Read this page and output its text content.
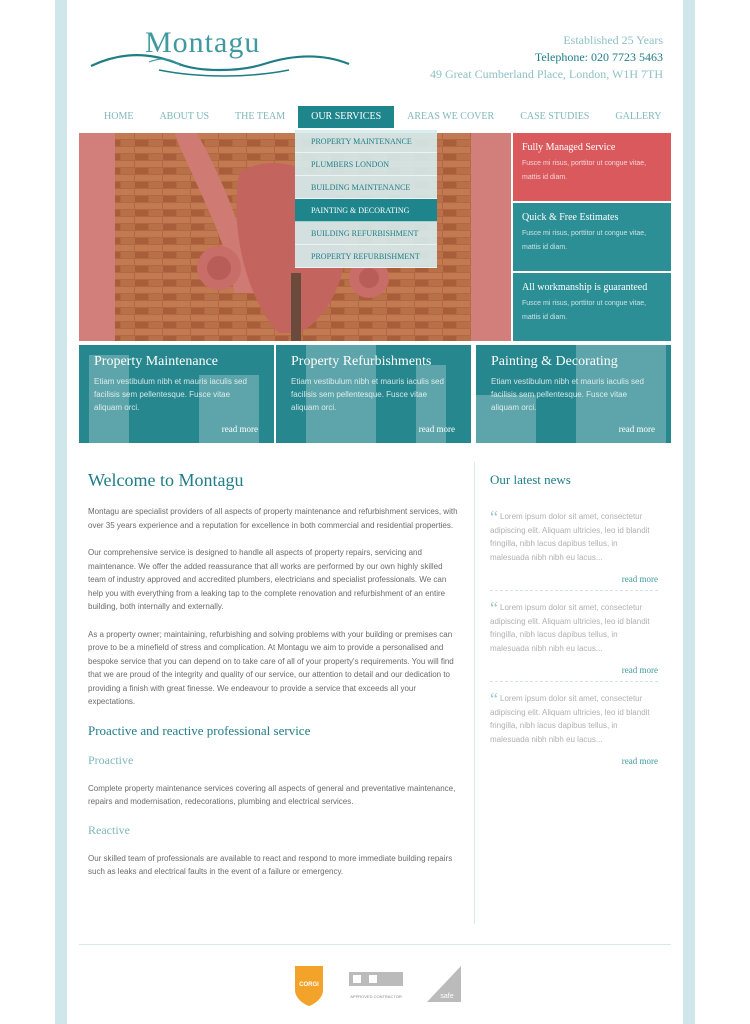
Montagu	Established 25 Years
Telephone: 020 7723 5463
49 Great Cumberland Place, London, W1H 7TH
HOME	ABOUT US	THE TEAM	OUR SERVICES	AREAS WE COVER	CASE STUDIES	GALLERY
PROPERTY MAINTENANCE
PLUMBERS LONDON
BUILDING MAINTENANCE
PAINTING & DECORATING
BUILDING REFURBISHMENT
PROPERTY REFURBISHMENT
Fully Managed Service

Fusce mi risus, porttitor ut congue vitae, mattis id diam.

Quick & Free Estimates

Fusce mi risus, porttitor ut congue vitae, mattis id diam.

All workmanship is guaranteed

Fusce mi risus, porttitor ut congue vitae, mattis id diam.

Property Maintenance

Etiam vestibulum nibh et mauris iaculis sed facilisis sem pellentesque. Fusce vitae aliquam orci.

read more
Property Refurbishments

Etiam vestibulum nibh et mauris iaculis sed facilisis sem pellentesque. Fusce vitae aliquam orci.

read more
Painting & Decorating

Etiam vestibulum nibh et mauris iaculis sed facilisis sem pellentesque. Fusce vitae aliquam orci.

read more
Welcome to Montagu

Montagu are specialist providers of all aspects of property maintenance and refurbishment services, with over 35 years experience and a reputation for excellence in both commercial and residential properties.

Our comprehensive service is designed to handle all aspects of property repairs, servicing and maintenance. We offer the added reassurance that all works are performed by our own highly skilled team of industry approved and accredited plumbers, electricians and specialist professionals. We can help you with everything from a leaking tap to the complete renovation and refurbishment of an entire building, both internally and externally.

As a property owner; maintaining, refurbishing and solving problems with your building or premises can prove to be a minefield of stress and complication. At Montagu we aim to provide a personalised and bespoke service that you can depend on to take care of all of your property's requirements. You will find that we are proud of the integrity and quality of our service, our attention to detail and our dedication to providing a finish with great finesse. We endeavour to provide a service that exceeds all your expectations.

Proactive and reactive professional service
Proactive

Complete property maintenance services covering all aspects of general and preventative maintenance, repairs and modernisation, redecorations, plumbing and electrical services.

Reactive

Our skilled team of professionals are available to react and respond to more immediate building repairs such as leaks and electrical faults in the event of a failure or emergency.

Our latest news

“ Lorem ipsum dolor sit amet, consectetur adipiscing elit. Aliquam ultricies, leo id blandit fringilla, nibh lacus dapibus tellus, in malesuada nibh nibh eu lacus...

read more

“ Lorem ipsum dolor sit amet, consectetur adipiscing elit. Aliquam ultricies, leo id blandit fringilla, nibh lacus dapibus tellus, in malesuada nibh nibh eu lacus...

read more

“ Lorem ipsum dolor sit amet, consectetur adipiscing elit. Aliquam ultricies, leo id blandit fringilla, nibh lacus dapibus tellus, in malesuada nibh nibh eu lacus...

read more
CORGI
APPROVED CONTRACTOR	safe
